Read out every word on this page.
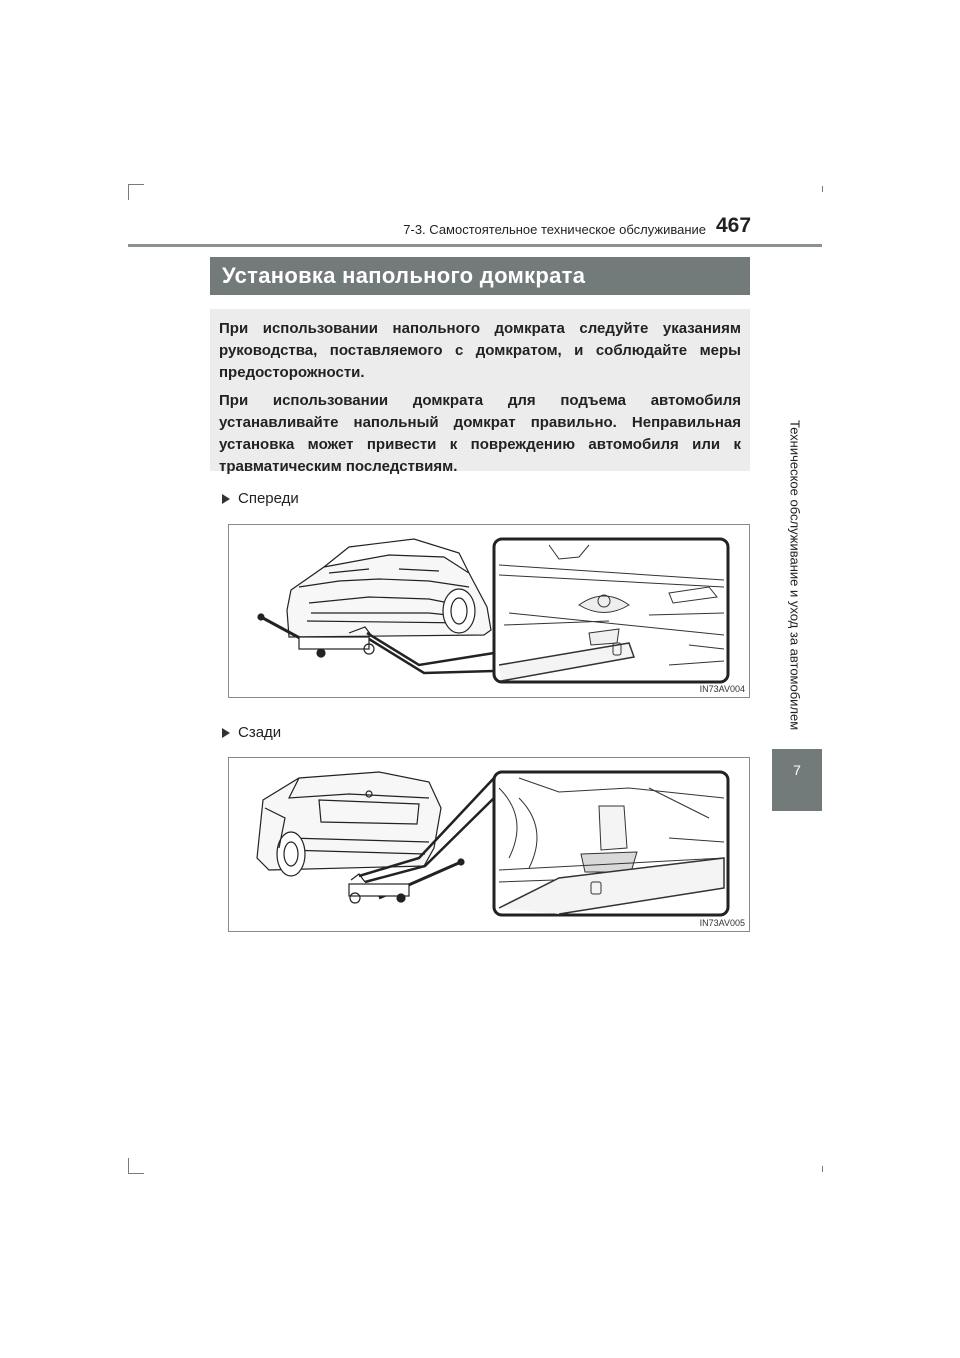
7-3. Самостоятельное техническое обслуживание 467
Техническое обслуживание и уход за автомобилем
7
Установка напольного домкрата

При использовании напольного домкрата следуйте указаниям руководства, поставляемого с домкратом, и соблюдайте меры предосторожности.

При использовании домкрата для подъема автомобиля устанавливайте напольный домкрат правильно. Неправильная установка может привести к повреждению автомобиля или к травматическим последствиям.

Спереди
IN73AV004
Сзади
IN73AV005
